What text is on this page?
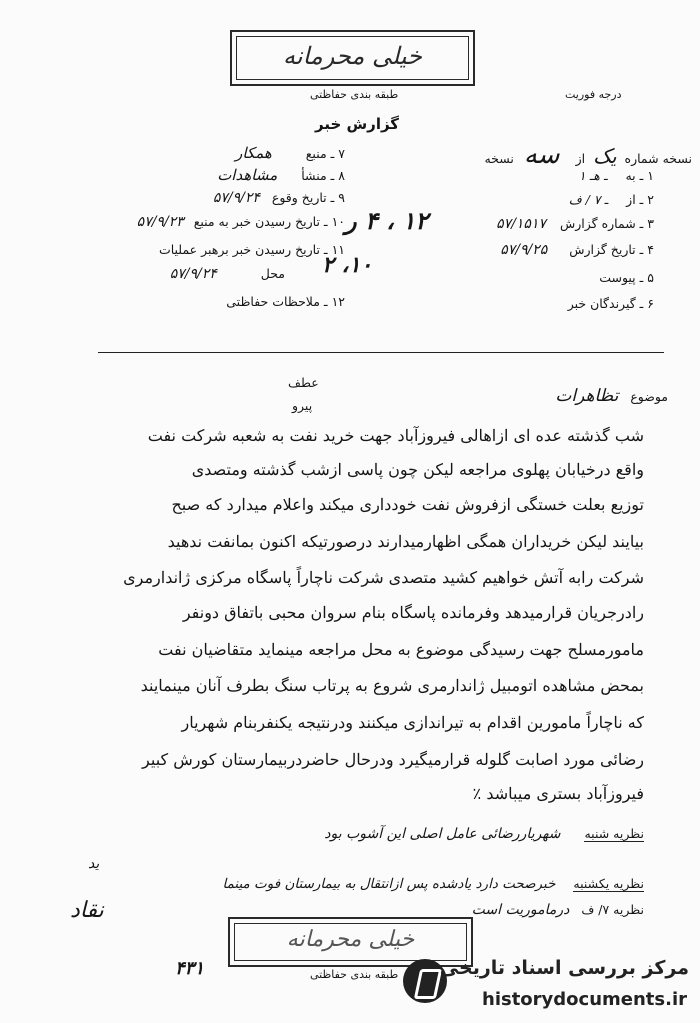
خیلی محرمانه
طبقه بندی حفاظتی	درجه فوریت
گزارش خبر
نسخه شماره یک از سه نسخه
۱ ـ به ـ هـ ۱
۲ ـ از ـ ۷ / ف
۳ ـ شماره گزارش ۵۷/۱۵۱۷
۴ ـ تاریخ گزارش ۵۷/۹/۲۵
۵ ـ پیوست
۶ ـ گیرندگان خبر
۷ ـ منبع همکار
۸ ـ منشأ مشاهدات
۹ ـ تاریخ وقوع ۵۷/۹/۲۴
۱۰ ـ تاریخ رسیدن خبر به منبع ۵۷/۹/۲۳
۱۱ ـ تاریخ رسیدن خبر برهبر عملیات
محل ۵۷/۹/۲۴
۱۲ ـ ملاحظات حفاظتی
۱۲ ، ۴ ر
۱۰، ۲
عطف
پیرو
موضوع تظاهرات
شب گذشته عده ای ازاهالی فیروزآباد جهت خرید نفت به شعبه شرکت نفت
واقع درخیابان پهلوی مراجعه لیکن چون پاسی ازشب گذشته ومتصدی
توزیع بعلت خستگی ازفروش نفت خودداری میکند واعلام میدارد که صبح
بیایند لیکن خریداران همگی اظهارمیدارند درصورتیکه اکنون بمانفت ندهید
شرکت رابه آتش خواهیم کشید متصدی شرکت ناچاراً پاسگاه مرکزی ژاندارمری
رادرجریان قرارمیدهد وفرمانده پاسگاه بنام سروان محبی باتفاق دونفر
مامورمسلح جهت رسیدگی موضوع به محل مراجعه مینماید متقاضیان نفت
بمحض مشاهده اتومبیل ژاندارمری شروع به پرتاب سنگ بطرف آنان مینمایند
که ناچاراً مامورین اقدام به تیراندازی میکنند ودرنتیجه یکنفربنام شهریار
رضائی مورد اصابت گلوله قرارمیگیرد ودرحال حاضردربیمارستان کورش کبیر
فیروزآباد بستری میباشد ٪
نظریه شنبه شهریاررضائی عامل اصلی این آشوب بود
ید
نظریه یکشنبه خبرصحت دارد یادشده پس ازانتقال به بیمارستان فوت مینما
نظریه ۷/ ف درماموریت است
نقاد
خیلی محرمانه
طبقه بندی حفاظتی
۴۳۱	مرکز بررسی اسناد تاریخی
historydocuments.ir
